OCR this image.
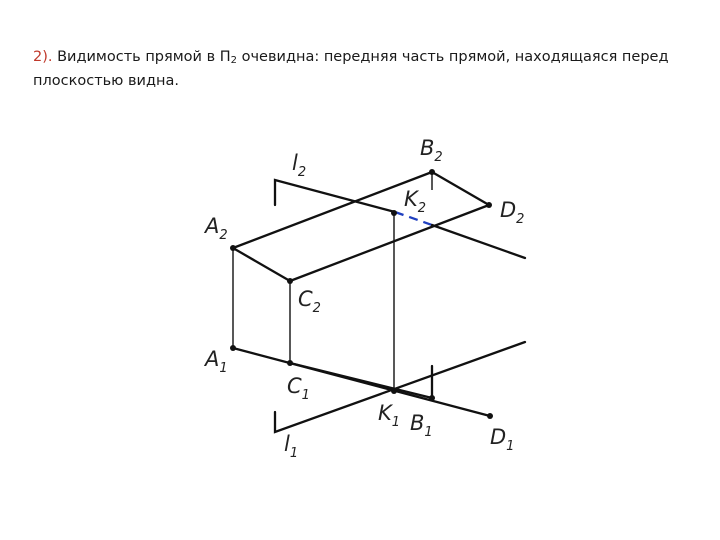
2). Видимость прямой в $П_2$ очевидна: передняя часть прямой, находящаяся перед плоскостью видна.
$l_2$
$B_2$
$K_2$	$D_2$
$A_2$
$C_2$
$A_1$
$C_1$
$K_1$ $B_1$	$D_1$
$l_1$
